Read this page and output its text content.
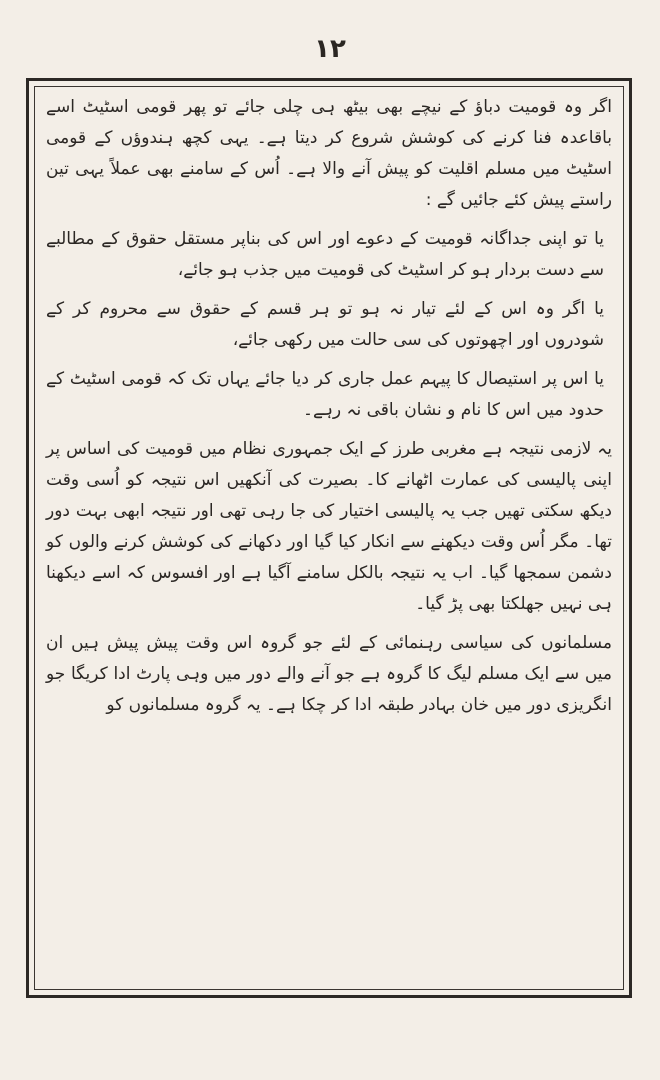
۱۲

اگر وہ قومیت دباؤ کے نیچے بھی بیٹھ ہی چلی جائے تو پھر قومی اسٹیٹ اسے باقاعدہ فنا کرنے کی کوشش شروع کر دیتا ہے۔ یہی کچھ ہندوؤں کے قومی اسٹیٹ میں مسلم اقلیت کو پیش آنے والا ہے۔ اُس کے سامنے بھی عملاً یہی تین راستے پیش کئے جائیں گے :

یا تو اپنی جداگانہ قومیت کے دعوے اور اس کی بناپر مستقل حقوق کے مطالبے سے دست بردار ہو کر اسٹیٹ کی قومیت میں جذب ہو جائے،

یا اگر وہ اس کے لئے تیار نہ ہو تو ہر قسم کے حقوق سے محروم کر کے شودروں اور اچھوتوں کی سی حالت میں رکھی جائے،

یا اس پر استیصال کا پیہم عمل جاری کر دیا جائے یہاں تک کہ قومی اسٹیٹ کے حدود میں اس کا نام و نشان باقی نہ رہے۔

یہ لازمی نتیجہ ہے مغربی طرز کے ایک جمہوری نظام میں قومیت کی اساس پر اپنی پالیسی کی عمارت اٹھانے کا۔ بصیرت کی آنکھیں اس نتیجہ کو اُسی وقت دیکھ سکتی تھیں جب یہ پالیسی اختیار کی جا رہی تھی اور نتیجہ ابھی بہت دور تھا۔ مگر اُس وقت دیکھنے سے انکار کیا گیا اور دکھانے کی کوشش کرنے والوں کو دشمن سمجھا گیا۔ اب یہ نتیجہ بالکل سامنے آگیا ہے اور افسوس کہ اسے دیکھنا ہی نہیں جھلکتا بھی پڑ گیا۔

مسلمانوں کی سیاسی رہنمائی کے لئے جو گروہ اس وقت پیش پیش ہیں ان میں سے ایک مسلم لیگ کا گروہ ہے جو آنے والے دور میں وہی پارٹ ادا کریگا جو انگریزی دور میں خان بہادر طبقہ ادا کر چکا ہے۔ یہ گروہ مسلمانوں کو
